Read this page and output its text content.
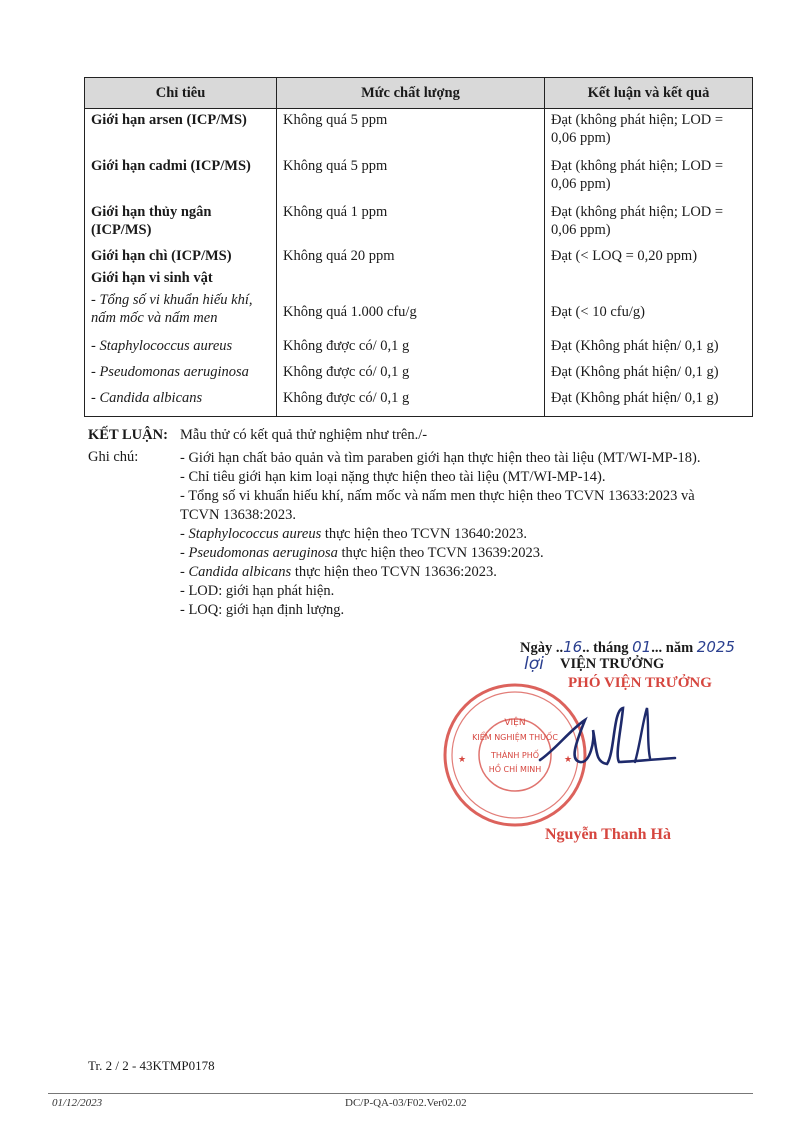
Chỉ tiêu	Mức chất lượng	Kết luận và kết quả
Giới hạn arsen (ICP/MS)	Không quá 5 ppm	Đạt (không phát hiện; LOD = 0,06 ppm)
Giới hạn cadmi (ICP/MS)	Không quá 5 ppm	Đạt (không phát hiện; LOD = 0,06 ppm)
Giới hạn thủy ngân (ICP/MS)	Không quá 1 ppm	Đạt (không phát hiện; LOD = 0,06 ppm)
Giới hạn chì (ICP/MS)	Không quá 20 ppm	Đạt (< LOQ = 0,20 ppm)
Giới hạn vi sinh vật		
- Tổng số vi khuẩn hiếu khí, nấm mốc và nấm men	Không quá 1.000 cfu/g	Đạt (< 10 cfu/g)
- Staphylococcus aureus	Không được có/ 0,1 g	Đạt (Không phát hiện/ 0,1 g)
- Pseudomonas aeruginosa	Không được có/ 0,1 g	Đạt (Không phát hiện/ 0,1 g)
- Candida albicans	Không được có/ 0,1 g	Đạt (Không phát hiện/ 0,1 g)
KẾT LUẬN: Mẫu thử có kết quả thử nghiệm như trên./-
Ghi chú:	- Giới hạn chất bảo quản và tìm paraben giới hạn thực hiện theo tài liệu (MT/WI-MP-18).
- Chỉ tiêu giới hạn kim loại nặng thực hiện theo tài liệu (MT/WI-MP-14).
- Tổng số vi khuẩn hiếu khí, nấm mốc và nấm men thực hiện theo TCVN 13633:2023 và
TCVN 13638:2023.
- Staphylococcus aureus thực hiện theo TCVN 13640:2023.
- Pseudomonas aeruginosa thực hiện theo TCVN 13639:2023.
- Candida albicans thực hiện theo TCVN 13636:2023.
- LOD: giới hạn phát hiện.
- LOQ: giới hạn định lượng.
Ngày ..16.. tháng 01... năm 2025
lợi VIỆN TRƯỞNG
PHÓ VIỆN TRƯỞNG
VIỆN
KIỂM NGHIỆM THUỐC
THÀNH PHỐ
HỒ CHÍ MINH
★	★
Nguyễn Thanh Hà
Tr. 2 / 2 - 43KTMP0178
01/12/2023	DC/P-QA-03/F02.Ver02.02
